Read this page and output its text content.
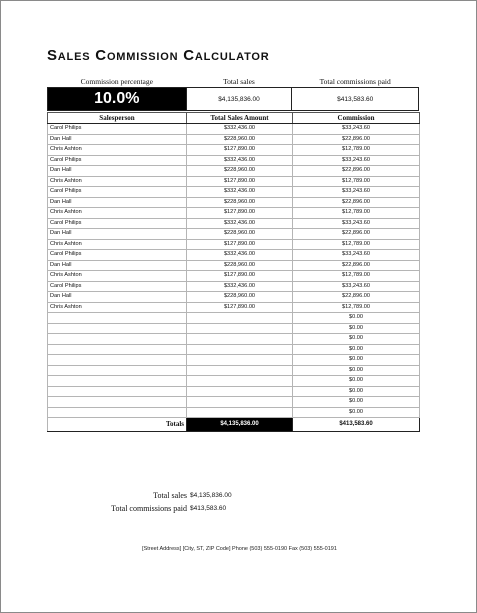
Sales Commission Calculator
Commission percentage	Total sales	Total commissions paid
10.0%	$4,135,836.00	$413,583.60
Salesperson	Total Sales Amount	Commission
Carol Philips	$332,436.00	$33,243.60
Dan Hall	$228,960.00	$22,896.00
Chris Ashton	$127,890.00	$12,789.00
Carol Philips	$332,436.00	$33,243.60
Dan Hall	$228,960.00	$22,896.00
Chris Ashton	$127,890.00	$12,789.00
Carol Philips	$332,436.00	$33,243.60
Dan Hall	$228,960.00	$22,896.00
Chris Ashton	$127,890.00	$12,789.00
Carol Philips	$332,436.00	$33,243.60
Dan Hall	$228,960.00	$22,896.00
Chris Ashton	$127,890.00	$12,789.00
Carol Philips	$332,436.00	$33,243.60
Dan Hall	$228,960.00	$22,896.00
Chris Ashton	$127,890.00	$12,789.00
Carol Philips	$332,436.00	$33,243.60
Dan Hall	$228,960.00	$22,896.00
Chris Ashton	$127,890.00	$12,789.00
		$0.00
		$0.00
		$0.00
		$0.00
		$0.00
		$0.00
		$0.00
		$0.00
		$0.00
		$0.00
Totals	$4,135,836.00	$413,583.60
Total sales $4,135,836.00
Total commissions paid $413,583.60
[Street Address] [City, ST, ZIP Code] Phone (503) 555-0190 Fax (503) 555-0191
